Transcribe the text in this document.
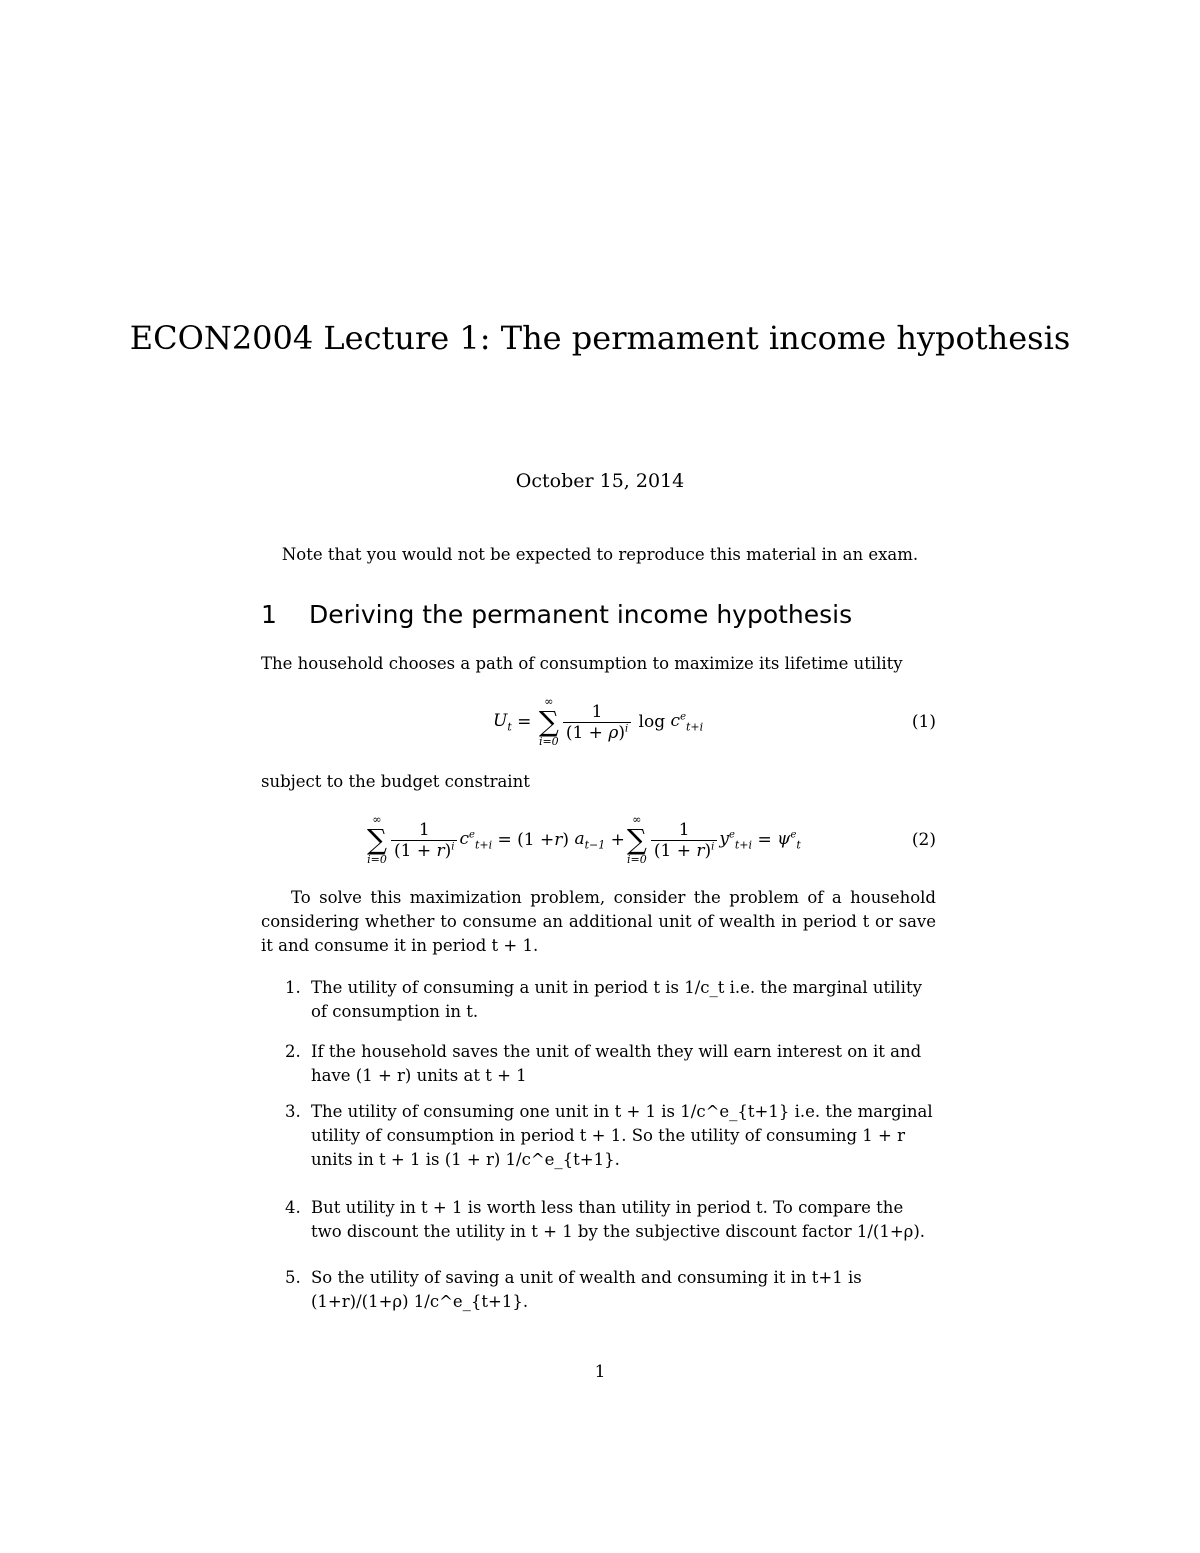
ECON2004 Lecture 1: The permament income hypothesis
October 15, 2014
Note that you would not be expected to reproduce this material in an exam.
1 Deriving the permanent income hypothesis
The household chooses a path of consumption to maximize its lifetime utility
$U_t$ =
∞
∑
$i=0 \frac{1}{(1 + \rho)^i}$ $\log c^e_{t+i}$	(1)
subject to the budget constraint
∞
∑
$i=0 \frac{1}{(1 + r)^i} c^e_{t+i} = (1 + r$ ) $a_{t-1}$ +
∞
∑
$i=0 \frac{1}{(1 + r)^i} y^e_{t+i} = \psi^e_t$	(2)
To solve this maximization problem, consider the problem of a household considering whether to consume an additional unit of wealth in period t or save it and consume it in period t + 1.
1. The utility of consuming a unit in period t is 1/c_t i.e. the marginal utility of consumption in t.
2. If the household saves the unit of wealth they will earn interest on it and have (1 + r) units at t + 1
3. The utility of consuming one unit in t + 1 is 1/c^e_{t+1} i.e. the marginal utility of consumption in period t + 1. So the utility of consuming 1 + r units in t + 1 is (1 + r) 1/c^e_{t+1}.
4. But utility in t + 1 is worth less than utility in period t. To compare the two discount the utility in t + 1 by the subjective discount factor 1/(1+ρ).
5. So the utility of saving a unit of wealth and consuming it in t+1 is (1+r)/(1+ρ) 1/c^e_{t+1}.
1
